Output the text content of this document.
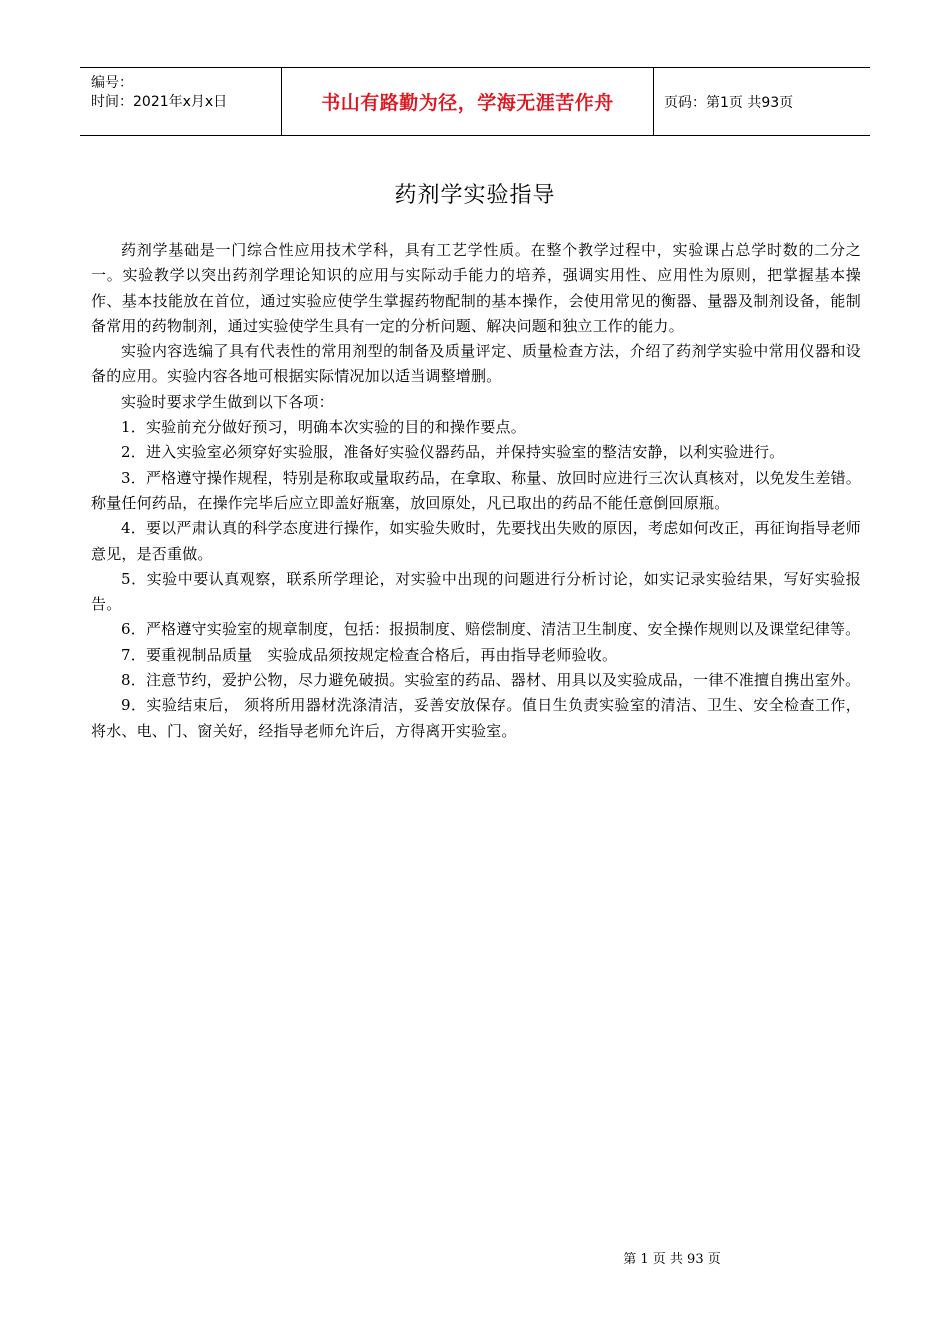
编号：
时间：2021年x月x日	书山有路勤为径，学海无涯苦作舟	页码：第1页 共93页
药剂学实验指导

药剂学基础是一门综合性应用技术学科，具有工艺学性质。在整个教学过程中，实验课占总学时数的二分之一。实验教学以突出药剂学理论知识的应用与实际动手能力的培养，强调实用性、应用性为原则，把掌握基本操作、基本技能放在首位，通过实验应使学生掌握药物配制的基本操作，会使用常见的衡器、量器及制剂设备，能制备常用的药物制剂，通过实验使学生具有一定的分析问题、解决问题和独立工作的能力。

实验内容选编了具有代表性的常用剂型的制备及质量评定、质量检查方法，介绍了药剂学实验中常用仪器和设备的应用。实验内容各地可根据实际情况加以适当调整增删。

实验时要求学生做到以下各项：

1．实验前充分做好预习，明确本次实验的目的和操作要点。

2．进入实验室必须穿好实验服，准备好实验仪器药品，并保持实验室的整洁安静，以利实验进行。

3．严格遵守操作规程，特别是称取或量取药品，在拿取、称量、放回时应进行三次认真核对，以免发生差错。称量任何药品，在操作完毕后应立即盖好瓶塞，放回原处，凡已取出的药品不能任意倒回原瓶。

4．要以严肃认真的科学态度进行操作，如实验失败时，先要找出失败的原因，考虑如何改正，再征询指导老师意见，是否重做。

5．实验中要认真观察，联系所学理论，对实验中出现的问题进行分析讨论，如实记录实验结果，写好实验报告。

6．严格遵守实验室的规章制度，包括：报损制度、赔偿制度、清洁卫生制度、安全操作规则以及课堂纪律等。

7．要重视制品质量　实验成品须按规定检查合格后，再由指导老师验收。

8．注意节约，爱护公物，尽力避免破损。实验室的药品、器材、用具以及实验成品，一律不准擅自携出室外。

9．实验结束后， 须将所用器材洗涤清洁，妥善安放保存。值日生负责实验室的清洁、卫生、安全检查工作，将水、电、门、窗关好，经指导老师允许后，方得离开实验室。

第 1 页 共 93 页
